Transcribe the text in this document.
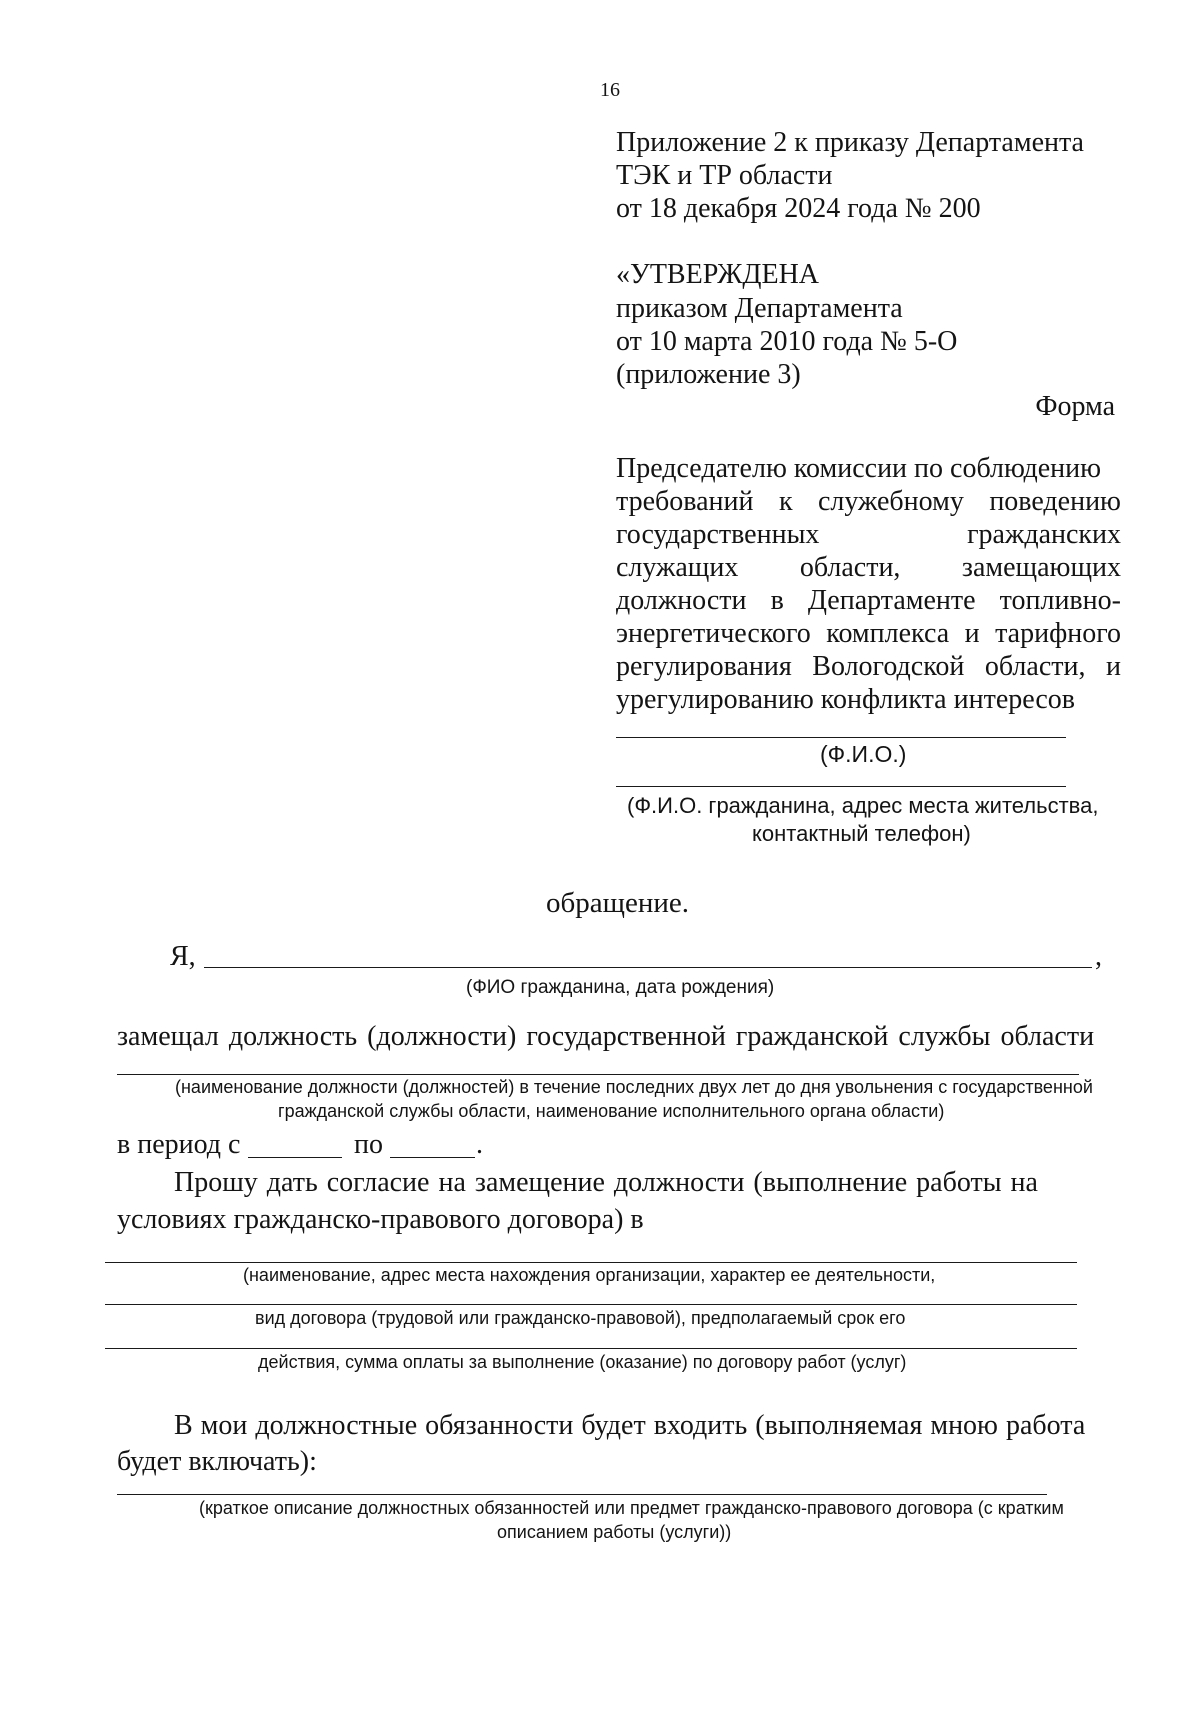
16
Приложение 2 к приказу Департамента
ТЭК и ТР области
от 18 декабря 2024 года № 200
«УТВЕРЖДЕНА
приказом Департамента
от 10 марта 2010 года № 5-О
(приложение 3)
Форма
Председателю комиссии по соблюдению
требований к служебному поведению
государственных	гражданских
служащих области, замещающих
должности в Департаменте топливно-
энергетического комплекса и тарифного
регулирования Вологодской области, и
урегулированию конфликта интересов
(Ф.И.О.)
(Ф.И.О. гражданина, адрес места жительства,
контактный телефон)
обращение.
Я,	,
(ФИО гражданина, дата рождения)
замещал должность (должности) государственной гражданской службы области
(наименование должности (должностей) в течение последних двух лет до дня увольнения с государственной
гражданской службы области, наименование исполнительного органа области)
в период с	по	.
Прошу дать согласие на замещение должности (выполнение работы на
условиях гражданско-правового договора) в
(наименование, адрес места нахождения организации, характер ее деятельности,
вид договора (трудовой или гражданско-правовой), предполагаемый срок его
действия, сумма оплаты за выполнение (оказание) по договору работ (услуг)
В мои должностные обязанности будет входить (выполняемая мною работа
будет включать):
(краткое описание должностных обязанностей или предмет гражданско-правового договора (с кратким
описанием работы (услуги))
